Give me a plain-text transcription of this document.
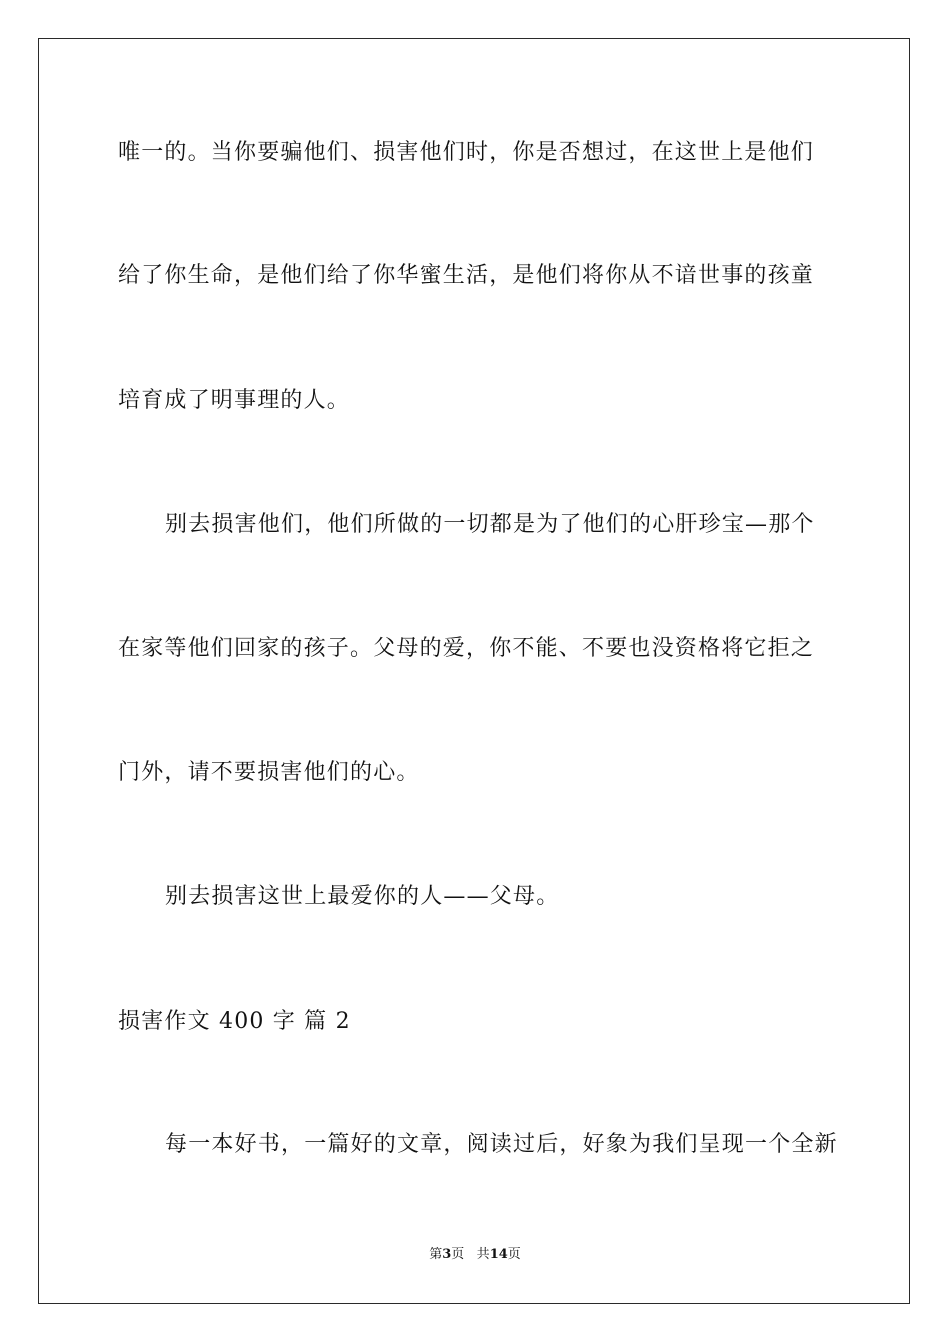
唯一的。当你要骗他们、损害他们时，你是否想过，在这世上是他们
给了你生命，是他们给了你华蜜生活，是他们将你从不谙世事的孩童
培育成了明事理的人。
别去损害他们，他们所做的一切都是为了他们的心肝珍宝—那个
在家等他们回家的孩子。父母的爱，你不能、不要也没资格将它拒之
门外，请不要损害他们的心。
别去损害这世上最爱你的人——父母。
损害作文 400 字 篇 2
每一本好书，一篇好的文章，阅读过后，好象为我们呈现一个全新
第3页 共14页
